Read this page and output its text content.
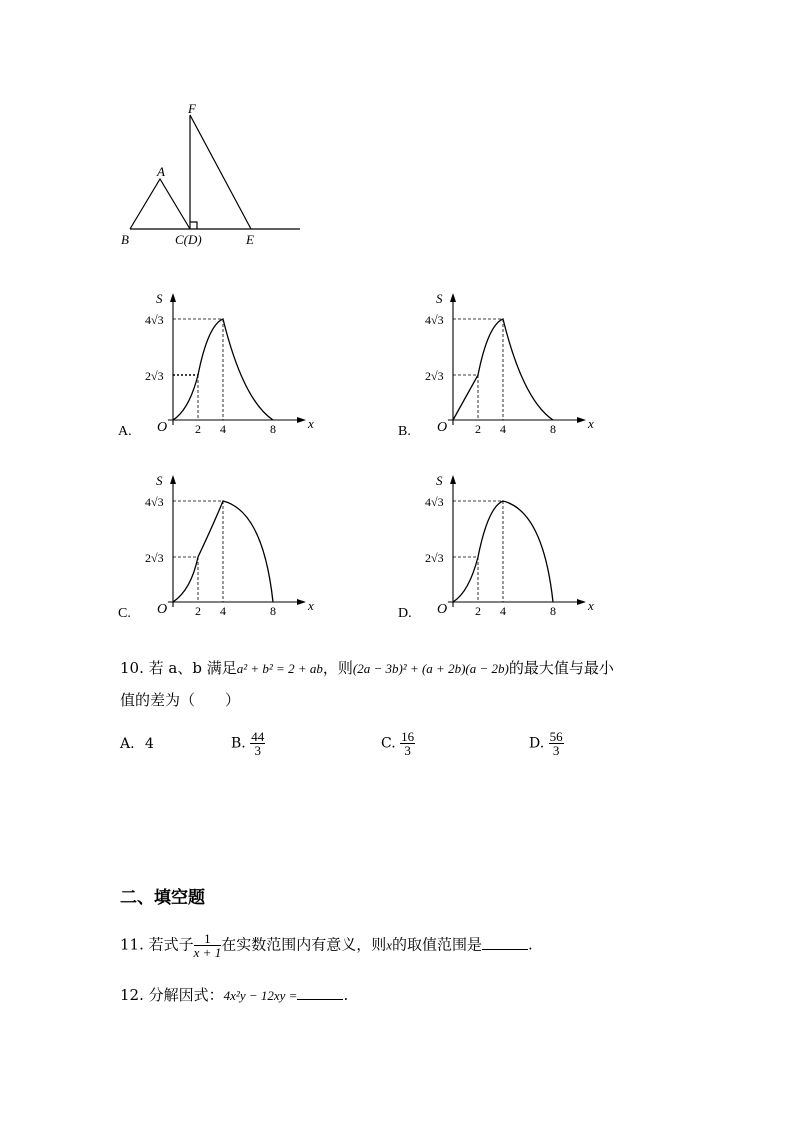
F
A
B	C(D)	E
S
x
O
4√3
2√3
2 4	8
A.
S
x
O
4√3
2√3
2 4	8
B.
S
x
O
4√3
2√3
2 4	8
C.
S
x
O
4√3
2√3
2 4	8
D.
10. 若 a、b 满足a² + b² = 2 + ab，则(2a − 3b)² + (a + 2b)(a − 2b)的最大值与最小
值的差为（　　）
A. 4	B. $\frac{44}{3}$	C. $\frac{16}{3}$	D. $\frac{56}{3}$
二、填空题
11. 若式子 $\frac{1}{x + 1}$ 在实数范围内有意义，则x的取值范围是	.
12. 分解因式：4x²y − 12xy =	.
